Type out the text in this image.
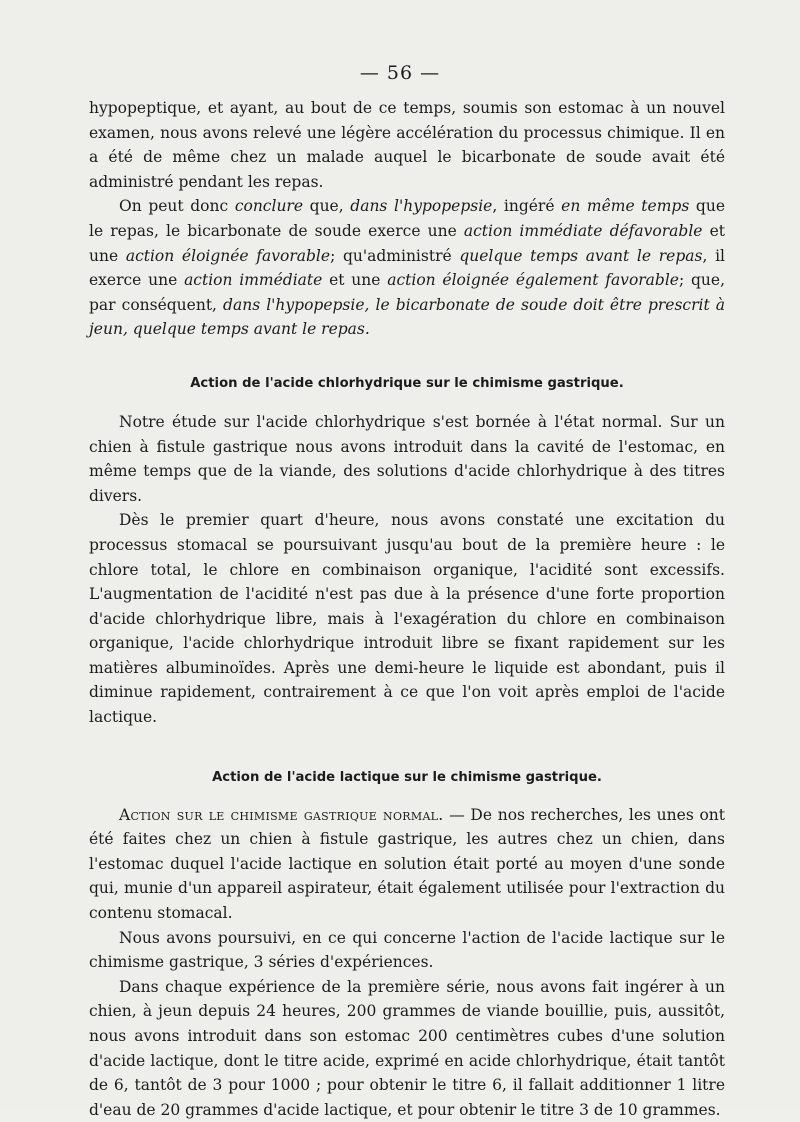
— 56 —

hypopeptique, et ayant, au bout de ce temps, soumis son estomac à un nouvel examen, nous avons relevé une légère accélération du processus chimique. Il en a été de même chez un malade auquel le bicarbonate de soude avait été administré pendant les repas.

On peut donc conclure que, dans l'hypopepsie, ingéré en même temps que le repas, le bicarbonate de soude exerce une action immédiate défavorable et une action éloignée favorable; qu'administré quelque temps avant le repas, il exerce une action immédiate et une action éloignée également favorable; que, par conséquent, dans l'hypopepsie, le bicarbonate de soude doit être prescrit à jeun, quelque temps avant le repas.

Action de l'acide chlorhydrique sur le chimisme gastrique.

Notre étude sur l'acide chlorhydrique s'est bornée à l'état normal. Sur un chien à fistule gastrique nous avons introduit dans la cavité de l'estomac, en même temps que de la viande, des solutions d'acide chlorhydrique à des titres divers.

Dès le premier quart d'heure, nous avons constaté une excitation du processus stomacal se poursuivant jusqu'au bout de la première heure : le chlore total, le chlore en combinaison organique, l'acidité sont excessifs. L'augmentation de l'acidité n'est pas due à la présence d'une forte proportion d'acide chlorhydrique libre, mais à l'exagération du chlore en combinaison organique, l'acide chlorhydrique introduit libre se fixant rapidement sur les matières albuminoïdes. Après une demi-heure le liquide est abondant, puis il diminue rapidement, contrairement à ce que l'on voit après emploi de l'acide lactique.

Action de l'acide lactique sur le chimisme gastrique.

Action sur le chimisme gastrique normal. — De nos recherches, les unes ont été faites chez un chien à fistule gastrique, les autres chez un chien, dans l'estomac duquel l'acide lactique en solution était porté au moyen d'une sonde qui, munie d'un appareil aspirateur, était également utilisée pour l'extraction du contenu stomacal.

Nous avons poursuivi, en ce qui concerne l'action de l'acide lactique sur le chimisme gastrique, 3 séries d'expériences.

Dans chaque expérience de la première série, nous avons fait ingérer à un chien, à jeun depuis 24 heures, 200 grammes de viande bouillie, puis, aussitôt, nous avons introduit dans son estomac 200 centimètres cubes d'une solution d'acide lactique, dont le titre acide, exprimé en acide chlorhydrique, était tantôt de 6, tantôt de 3 pour 1000 ; pour obtenir le titre 6, il fallait additionner 1 litre d'eau de 20 grammes d'acide lactique, et pour obtenir le titre 3 de 10 grammes.
